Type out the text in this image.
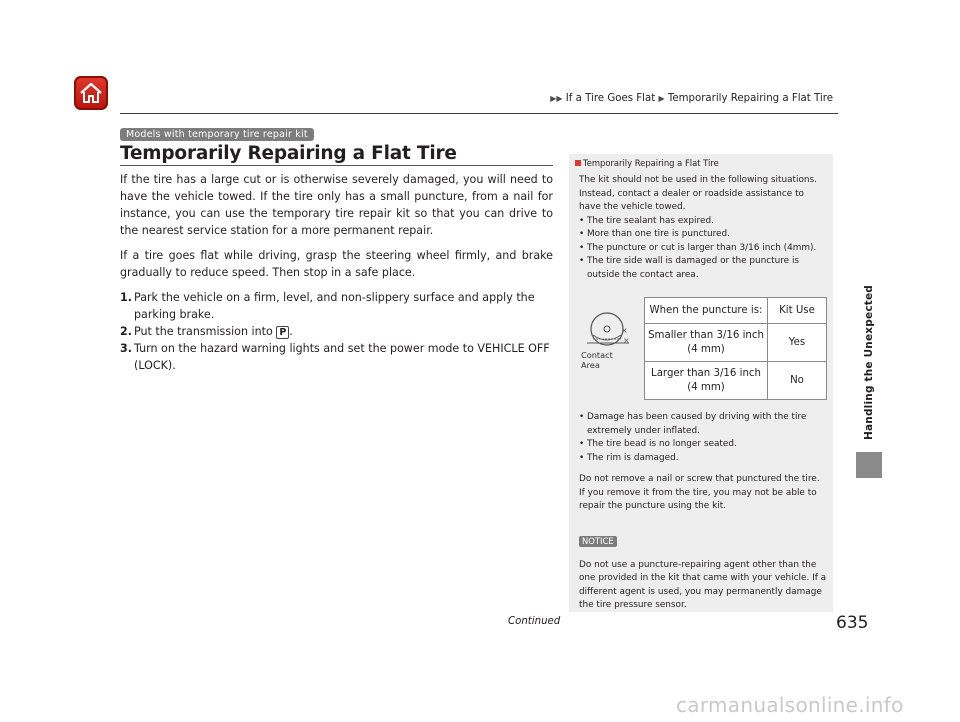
▶▶ If a Tire Goes Flat ▶ Temporarily Repairing a Flat Tire
Handling the Unexpected
Models with temporary tire repair kit
Temporarily Repairing a Flat Tire

If the tire has a large cut or is otherwise severely damaged, you will need to have the vehicle towed. If the tire only has a small puncture, from a nail for instance, you can use the temporary tire repair kit so that you can drive to the nearest service station for a more permanent repair.

If a tire goes flat while driving, grasp the steering wheel firmly, and brake gradually to reduce speed. Then stop in a safe place.

1. Park the vehicle on a firm, level, and non-slippery surface and apply the parking brake.
2. Put the transmission into P .
3. Turn on the hazard warning lights and set the power mode to VEHICLE OFF (LOCK).
Temporarily Repairing a Flat Tire

The kit should not be used in the following situations. Instead, contact a dealer or roadside assistance to have the vehicle towed.

• The tire sealant has expired.
• More than one tire is punctured.
• The puncture or cut is larger than 3/16 inch (4mm).
• The tire side wall is damaged or the puncture is outside the contact area.
×
×
Contact Area
When the puncture is:	Kit Use
Smaller than 3/16 inch (4 mm)	Yes
Larger than 3/16 inch (4 mm)	No
• Damage has been caused by driving with the tire extremely under inflated.
• The tire bead is no longer seated.
• The rim is damaged.

Do not remove a nail or screw that punctured the tire. If you remove it from the tire, you may not be able to repair the puncture using the kit.

NOTICE

Do not use a puncture-repairing agent other than the one provided in the kit that came with your vehicle. If a different agent is used, you may permanently damage the tire pressure sensor.

Continued	635
carmanualsonline.info
